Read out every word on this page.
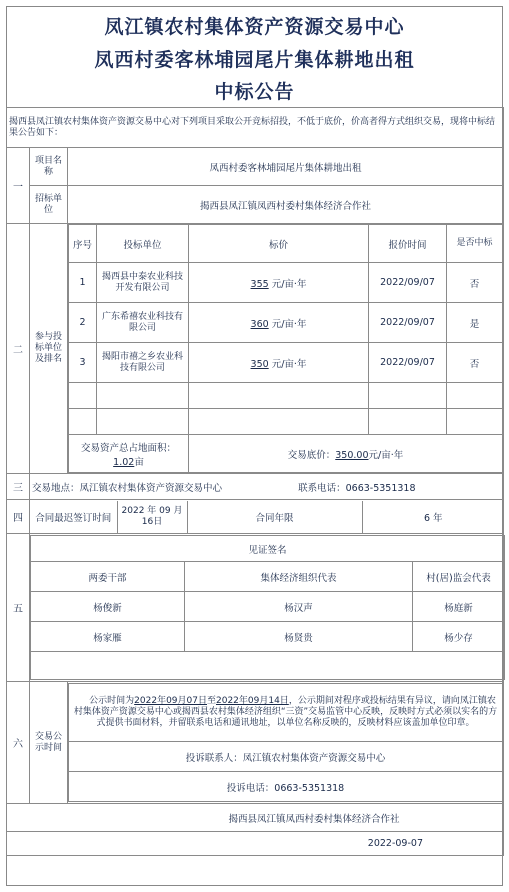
凤江镇农村集体资产资源交易中心
凤西村委客林埔园尾片集体耕地出租
中标公告
揭西县凤江镇农村集体资产资源交易中心对下列项目采取公开竞标招投，不低于底价，价高者得方式组织交易，现将中标结果公告如下：
一	项目名称	凤西村委客林埔园尾片集体耕地出租
招标单位	揭西县凤江镇凤西村委村集体经济合作社
二	参与投标单位及排名	
序号	投标单位	标价	报价时间	是否中标
1	揭西县中泰农业科技开发有限公司	355 元/亩·年	2022/09/07	否
2	广东希禧农业科技有限公司	360 元/亩·年	2022/09/07	是
3	揭阳市禧之乡农业科技有限公司	350 元/亩·年	2022/09/07	否

交易资产总占地面积：1.02亩	交易底价：350.00元/亩·年

三	交易地点：凤江镇农村集体资产资源交易中心	联系电话：0663-5351318
四	合同最迟签订时间	2022 年 09 月 16日	合同年限	6 年

五	
见证签名
两委干部	集体经济组织代表	村(居)监会代表
杨俊新	杨汉声	杨庭新
杨家雁	杨贤贵	杨少存

六	交易公示时间	
公示时间为2022年09月07日至2022年09月14日，公示期间对程序或投标结果有异议，请向凤江镇农村集体资产资源交易中心或揭西县农村集体经济组织“三资”交易监管中心反映，反映时方式必须以实名的方式提供书面材料，并留联系电话和通讯地址，以单位名称反映的，反映材料应该盖加单位印章。
投诉联系人：凤江镇农村集体资产资源交易中心
投诉电话：0663-5351318

揭西县凤江镇凤西村委村集体经济合作社
2022-09-07
